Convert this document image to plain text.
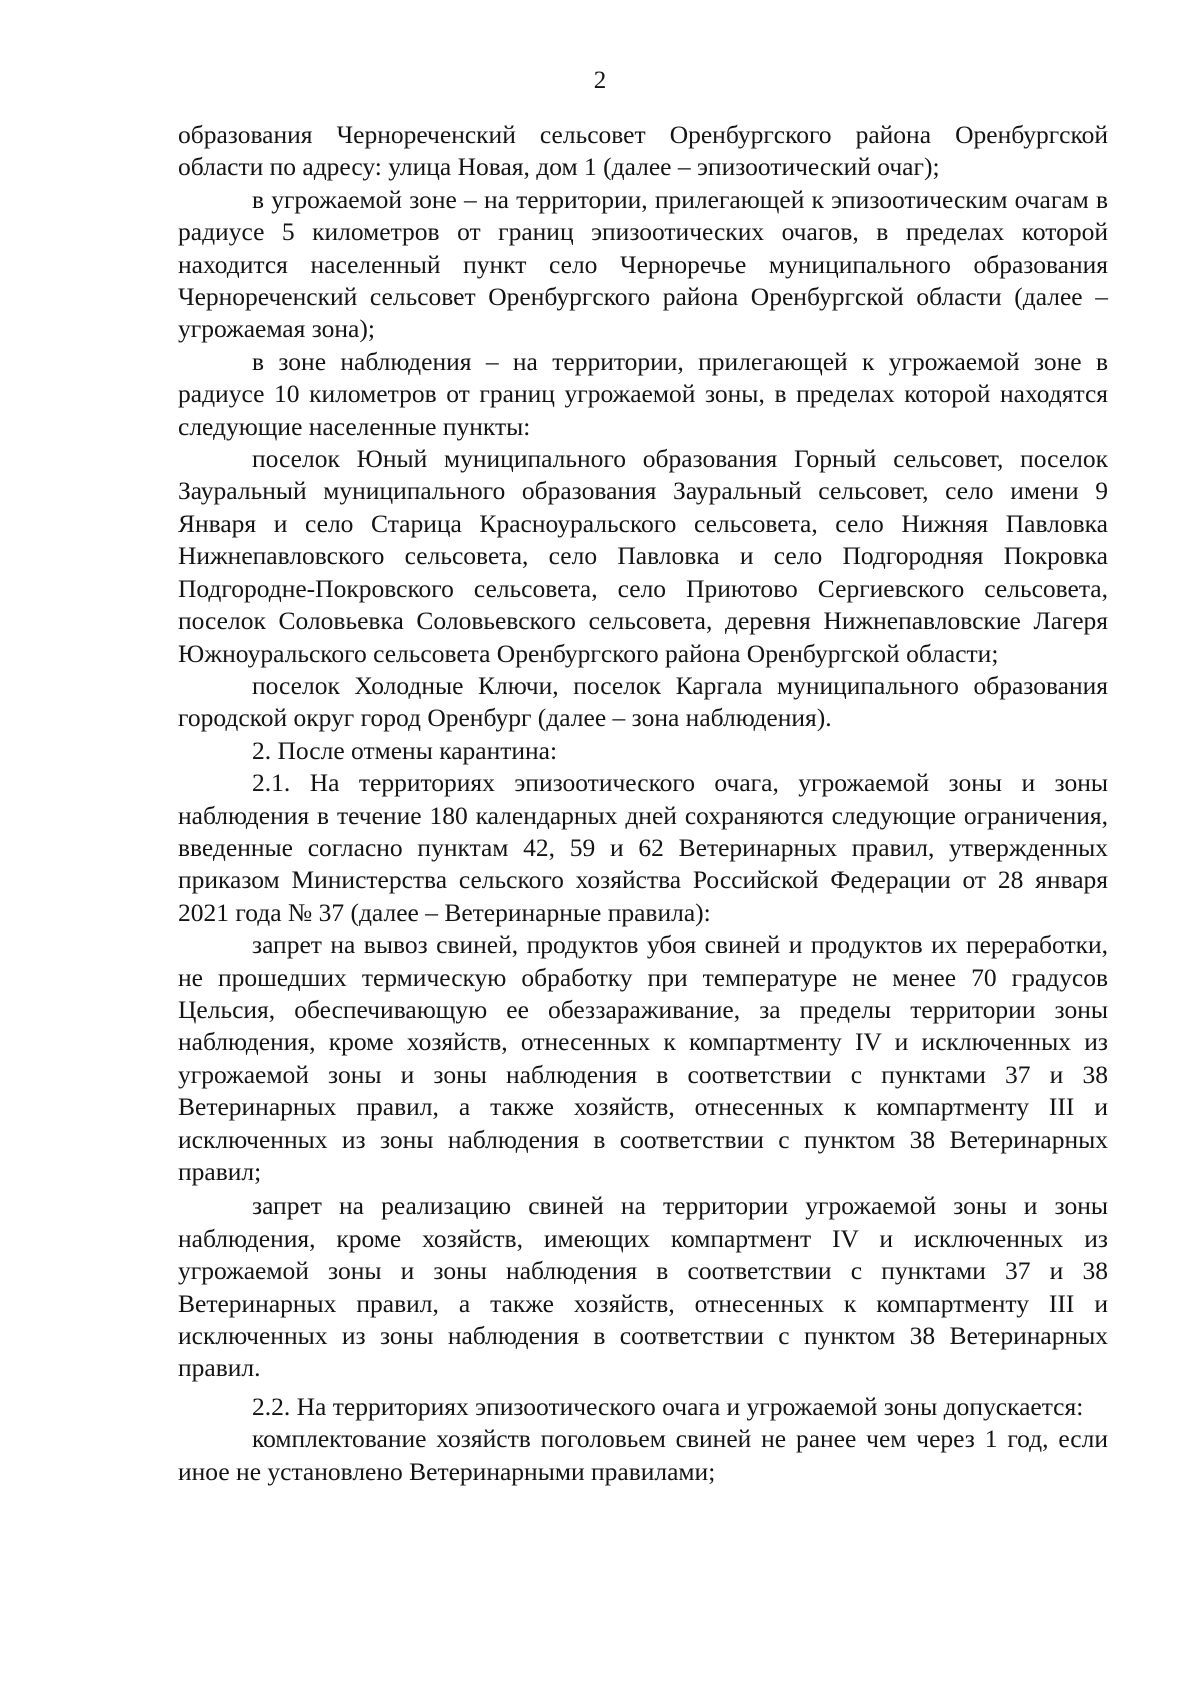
2

образования Чернореченский сельсовет Оренбургского района Оренбургской области по адресу: улица Новая, дом 1 (далее – эпизоотический очаг);

в угрожаемой зоне – на территории, прилегающей к эпизоотическим очагам в радиусе 5 километров от границ эпизоотических очагов, в пределах которой находится населенный пункт село Черноречье муниципального образования Чернореченский сельсовет Оренбургского района Оренбургской области (далее – угрожаемая зона);

в зоне наблюдения – на территории, прилегающей к угрожаемой зоне в радиусе 10 километров от границ угрожаемой зоны, в пределах которой находятся следующие населенные пункты:

поселок Юный муниципального образования Горный сельсовет, поселок Зауральный муниципального образования Зауральный сельсовет, село имени 9 Января и село Старица Красноуральского сельсовета, село Нижняя Павловка Нижнепавловского сельсовета, село Павловка и село Подгородняя Покровка Подгородне-Покровского сельсовета, село Приютово Сергиевского сельсовета, поселок Соловьевка Соловьевского сельсовета, деревня Нижнепавловские Лагеря Южноуральского сельсовета Оренбургского района Оренбургской области;

поселок Холодные Ключи, поселок Каргала муниципального образования городской округ город Оренбург (далее – зона наблюдения).

2. После отмены карантина:

2.1. На территориях эпизоотического очага, угрожаемой зоны и зоны наблюдения в течение 180 календарных дней сохраняются следующие ограничения, введенные согласно пунктам 42, 59 и 62 Ветеринарных правил, утвержденных приказом Министерства сельского хозяйства Российской Федерации от 28 января 2021 года № 37 (далее – Ветеринарные правила):

запрет на вывоз свиней, продуктов убоя свиней и продуктов их переработки, не прошедших термическую обработку при температуре не менее 70 градусов Цельсия, обеспечивающую ее обеззараживание, за пределы территории зоны наблюдения, кроме хозяйств, отнесенных к компартменту IV и исключенных из угрожаемой зоны и зоны наблюдения в соответствии с пунктами 37 и 38 Ветеринарных правил, а также хозяйств, отнесенных к компартменту III и исключенных из зоны наблюдения в соответствии с пунктом 38 Ветеринарных правил;

запрет на реализацию свиней на территории угрожаемой зоны и зоны наблюдения, кроме хозяйств, имеющих компартмент IV и исключенных из угрожаемой зоны и зоны наблюдения в соответствии с пунктами 37 и 38 Ветеринарных правил, а также хозяйств, отнесенных к компартменту III и исключенных из зоны наблюдения в соответствии с пунктом 38 Ветеринарных правил.

2.2. На территориях эпизоотического очага и угрожаемой зоны допускается:

комплектование хозяйств поголовьем свиней не ранее чем через 1 год, если иное не установлено Ветеринарными правилами;
